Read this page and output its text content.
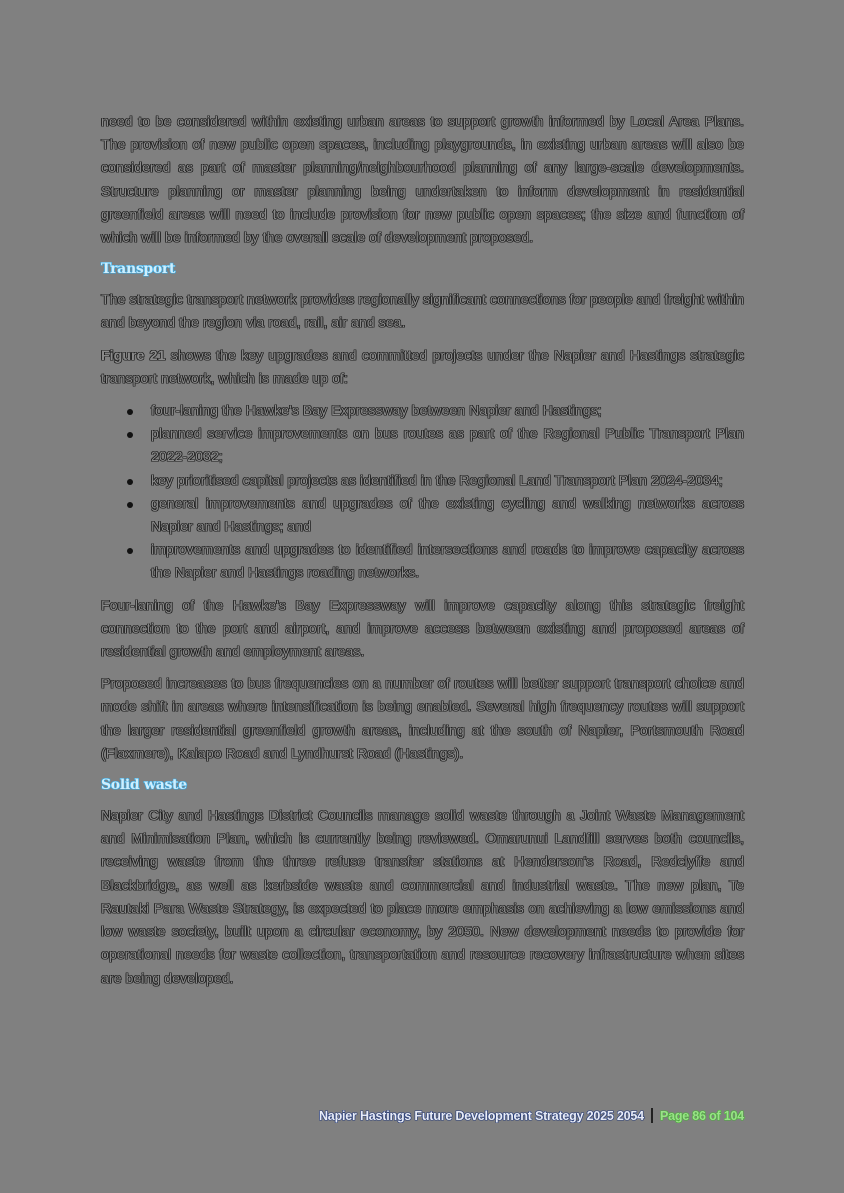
need to be considered within existing urban areas to support growth informed by Local Area Plans. The provision of new public open spaces, including playgrounds, in existing urban areas will also be considered as part of master planning/neighbourhood planning of any large-scale developments. Structure planning or master planning being undertaken to inform development in residential greenfield areas will need to include provision for new public open spaces; the size and function of which will be informed by the overall scale of development proposed.

Transport

The strategic transport network provides regionally significant connections for people and freight within and beyond the region via road, rail, air and sea.

Figure 21 shows the key upgrades and committed projects under the Napier and Hastings strategic transport network, which is made up of:

four-laning the Hawke's Bay Expressway between Napier and Hastings;
planned service improvements on bus routes as part of the Regional Public Transport Plan 2022-2032;
key prioritised capital projects as identified in the Regional Land Transport Plan 2024-2034;
general improvements and upgrades of the existing cycling and walking networks across Napier and Hastings; and
improvements and upgrades to identified intersections and roads to improve capacity across the Napier and Hastings roading networks.

Four-laning of the Hawke's Bay Expressway will improve capacity along this strategic freight connection to the port and airport, and improve access between existing and proposed areas of residential growth and employment areas.

Proposed increases to bus frequencies on a number of routes will better support transport choice and mode shift in areas where intensification is being enabled. Several high frequency routes will support the larger residential greenfield growth areas, including at the south of Napier, Portsmouth Road (Flaxmere), Kaiapo Road and Lyndhurst Road (Hastings).

Solid waste

Napier City and Hastings District Councils manage solid waste through a Joint Waste Management and Minimisation Plan, which is currently being reviewed. Omarunui Landfill serves both councils, receiving waste from the three refuse transfer stations at Henderson's Road, Redclyffe and Blackbridge, as well as kerbside waste and commercial and industrial waste. The new plan, Te Rautaki Para Waste Strategy, is expected to place more emphasis on achieving a low emissions and low waste society, built upon a circular economy, by 2050. New development needs to provide for operational needs for waste collection, transportation and resource recovery infrastructure when sites are being developed.

Napier Hastings Future Development Strategy 2025 2054 Page 86 of 104
